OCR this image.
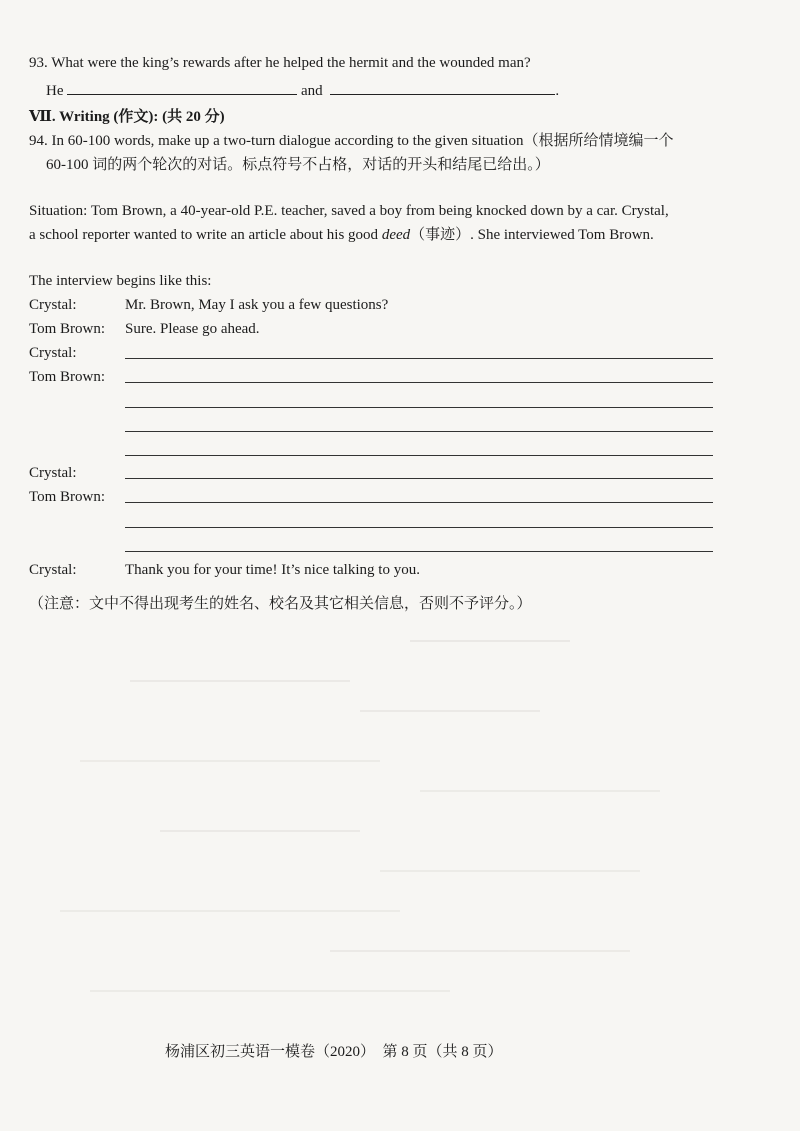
93. What were the king’s rewards after he helped the hermit and the wounded man?
He	and	.
Ⅶ. Writing (作文): (共 20 分)
94. In 60-100 words, make up a two-turn dialogue according to the given situation（根据所给情境编一个
60-100 词的两个轮次的对话。标点符号不占格，对话的开头和结尾已给出。）
Situation: Tom Brown, a 40-year-old P.E. teacher, saved a boy from being knocked down by a car. Crystal,
a school reporter wanted to write an article about his good deed（事迹）. She interviewed Tom Brown.
The interview begins like this:
Crystal:	Mr. Brown, May I ask you a few questions?
Tom Brown: Sure. Please go ahead.
Crystal:
Tom Brown:
Crystal:
Tom Brown:
Crystal:	Thank you for your time! It’s nice talking to you.
（注意：文中不得出现考生的姓名、校名及其它相关信息，否则不予评分。）
杨浦区初三英语一模卷（2020）　第 8 页（共 8 页）
